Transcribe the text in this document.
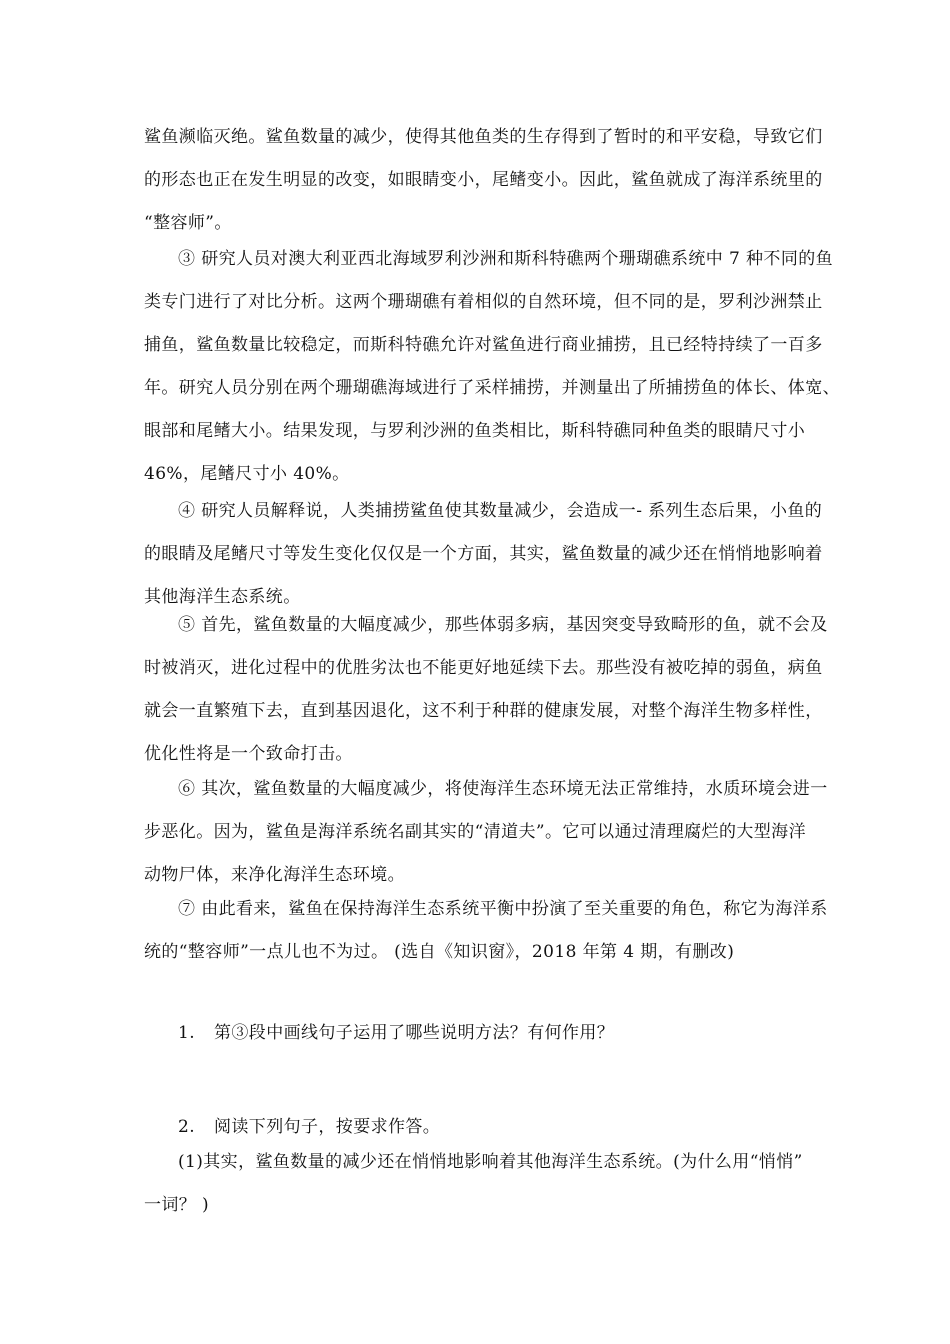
鲨鱼濒临灭绝。鲨鱼数量的减少，使得其他鱼类的生存得到了暂时的和平安稳，导致它们
的形态也正在发生明显的改变，如眼睛变小，尾鳍变小。因此，鲨鱼就成了海洋系统里的
“整容师”。
③ 研究人员对澳大利亚西北海域罗利沙洲和斯科特礁两个珊瑚礁系统中 7 种不同的鱼
类专门进行了对比分析。这两个珊瑚礁有着相似的自然环境，但不同的是，罗利沙洲禁止
捕鱼，鲨鱼数量比较稳定，而斯科特礁允许对鲨鱼进行商业捕捞，且已经特持续了一百多
年。研究人员分别在两个珊瑚礁海域进行了采样捕捞，并测量出了所捕捞鱼的体长、体宽、
眼部和尾鳍大小。结果发现，与罗利沙洲的鱼类相比，斯科特礁同种鱼类的眼睛尺寸小
46%，尾鳍尺寸小 40%。
④ 研究人员解释说，人类捕捞鲨鱼使其数量减少，会造成一- 系列生态后果，小鱼的
的眼睛及尾鳍尺寸等发生变化仅仅是一个方面，其实，鲨鱼数量的减少还在悄悄地影响着
其他海洋生态系统。
⑤ 首先，鲨鱼数量的大幅度减少，那些体弱多病，基因突变导致畸形的鱼，就不会及
时被消灭，进化过程中的优胜劣汰也不能更好地延续下去。那些没有被吃掉的弱鱼，病鱼
就会一直繁殖下去，直到基因退化，这不利于种群的健康发展，对整个海洋生物多样性，
优化性将是一个致命打击。
⑥ 其次，鲨鱼数量的大幅度减少，将使海洋生态环境无法正常维持，水质环境会进一
步恶化。因为，鲨鱼是海洋系统名副其实的“清道夫”。它可以通过清理腐烂的大型海洋
动物尸体，来净化海洋生态环境。
⑦ 由此看来，鲨鱼在保持海洋生态系统平衡中扮演了至关重要的角色，称它为海洋系
统的“整容师”一点儿也不为过。 (选自《知识窗》，2018 年第 4 期，有删改)
1. 第③段中画线句子运用了哪些说明方法？有何作用？
2. 阅读下列句子，按要求作答。
(1)其实，鲨鱼数量的减少还在悄悄地影响着其他海洋生态系统。(为什么用“悄悄”
一词？ )
